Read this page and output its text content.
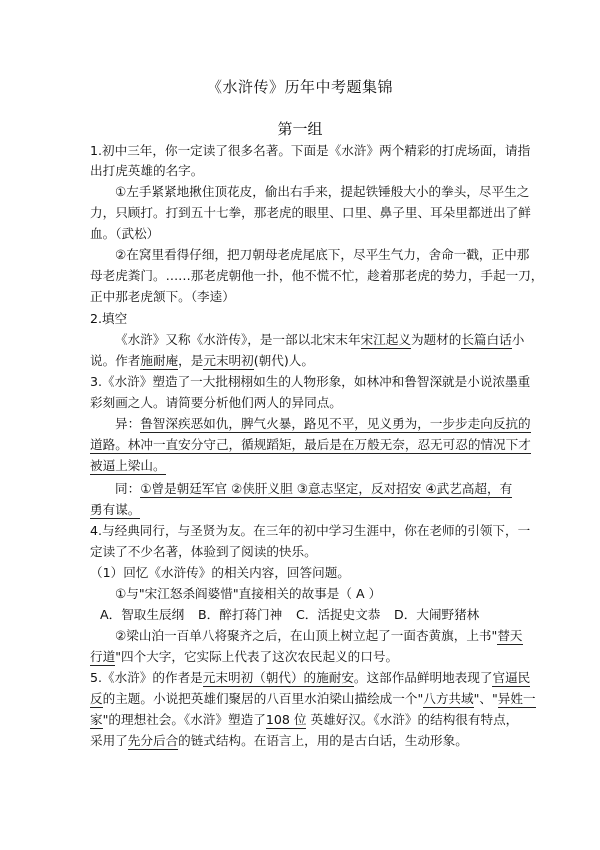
《水浒传》历年中考题集锦
第一组
1.初中三年，你一定读了很多名著。下面是《水浒》两个精彩的打虎场面，请指
出打虎英雄的名字。
①左手紧紧地揪住顶花皮，偷出右手来，提起铁锤般大小的拳头，尽平生之
力，只顾打。打到五十七拳，那老虎的眼里、口里、鼻子里、耳朵里都迸出了鲜
血。（武松）
②在窝里看得仔细，把刀朝母老虎尾底下，尽平生气力，舍命一戳，正中那
母老虎粪门。……那老虎朝他一扑，他不慌不忙，趁着那老虎的势力，手起一刀，
正中那老虎颔下。（李逵）
2.填空
《水浒》又称《水浒传》，是一部以北宋末年宋江起义为题材的长篇白话小
说。作者施耐庵，是元末明初(朝代)人。
3.《水浒》塑造了一大批栩栩如生的人物形象，如林冲和鲁智深就是小说浓墨重
彩刻画之人。请简要分析他们两人的异同点。
异：鲁智深疾恶如仇，脾气火暴，路见不平，见义勇为，一步步走向反抗的
道路。林冲一直安分守己，循规蹈矩，最后是在万般无奈，忍无可忍的情况下才
被逼上梁山。
同：①曾是朝廷军官 ②侠肝义胆 ③意志坚定，反对招安 ④武艺高超，有
勇有谋。
4.与经典同行，与圣贤为友。在三年的初中学习生涯中，你在老师的引领下，一
定读了不少名著，体验到了阅读的快乐。
（1）回忆《水浒传》的相关内容，回答问题。
①与"宋江怒杀阎婆惜"直接相关的故事是（ A ）
A．智取生辰纲 B．醉打蒋门神 C．活捉史文恭 D．大闹野猪林
②梁山泊一百单八将聚齐之后，在山顶上树立起了一面杏黄旗，上书"替天
行道"四个大字，它实际上代表了这次农民起义的口号。
5.《水浒》的作者是元末明初（朝代）的施耐安。这部作品鲜明地表现了官逼民
反的主题。小说把英雄们聚居的八百里水泊梁山描绘成一个"八方共域"、"异姓一
家"的理想社会。《水浒》塑造了108 位 英雄好汉。《水浒》的结构很有特点，
采用了先分后合的链式结构。在语言上，用的是古白话，生动形象。
